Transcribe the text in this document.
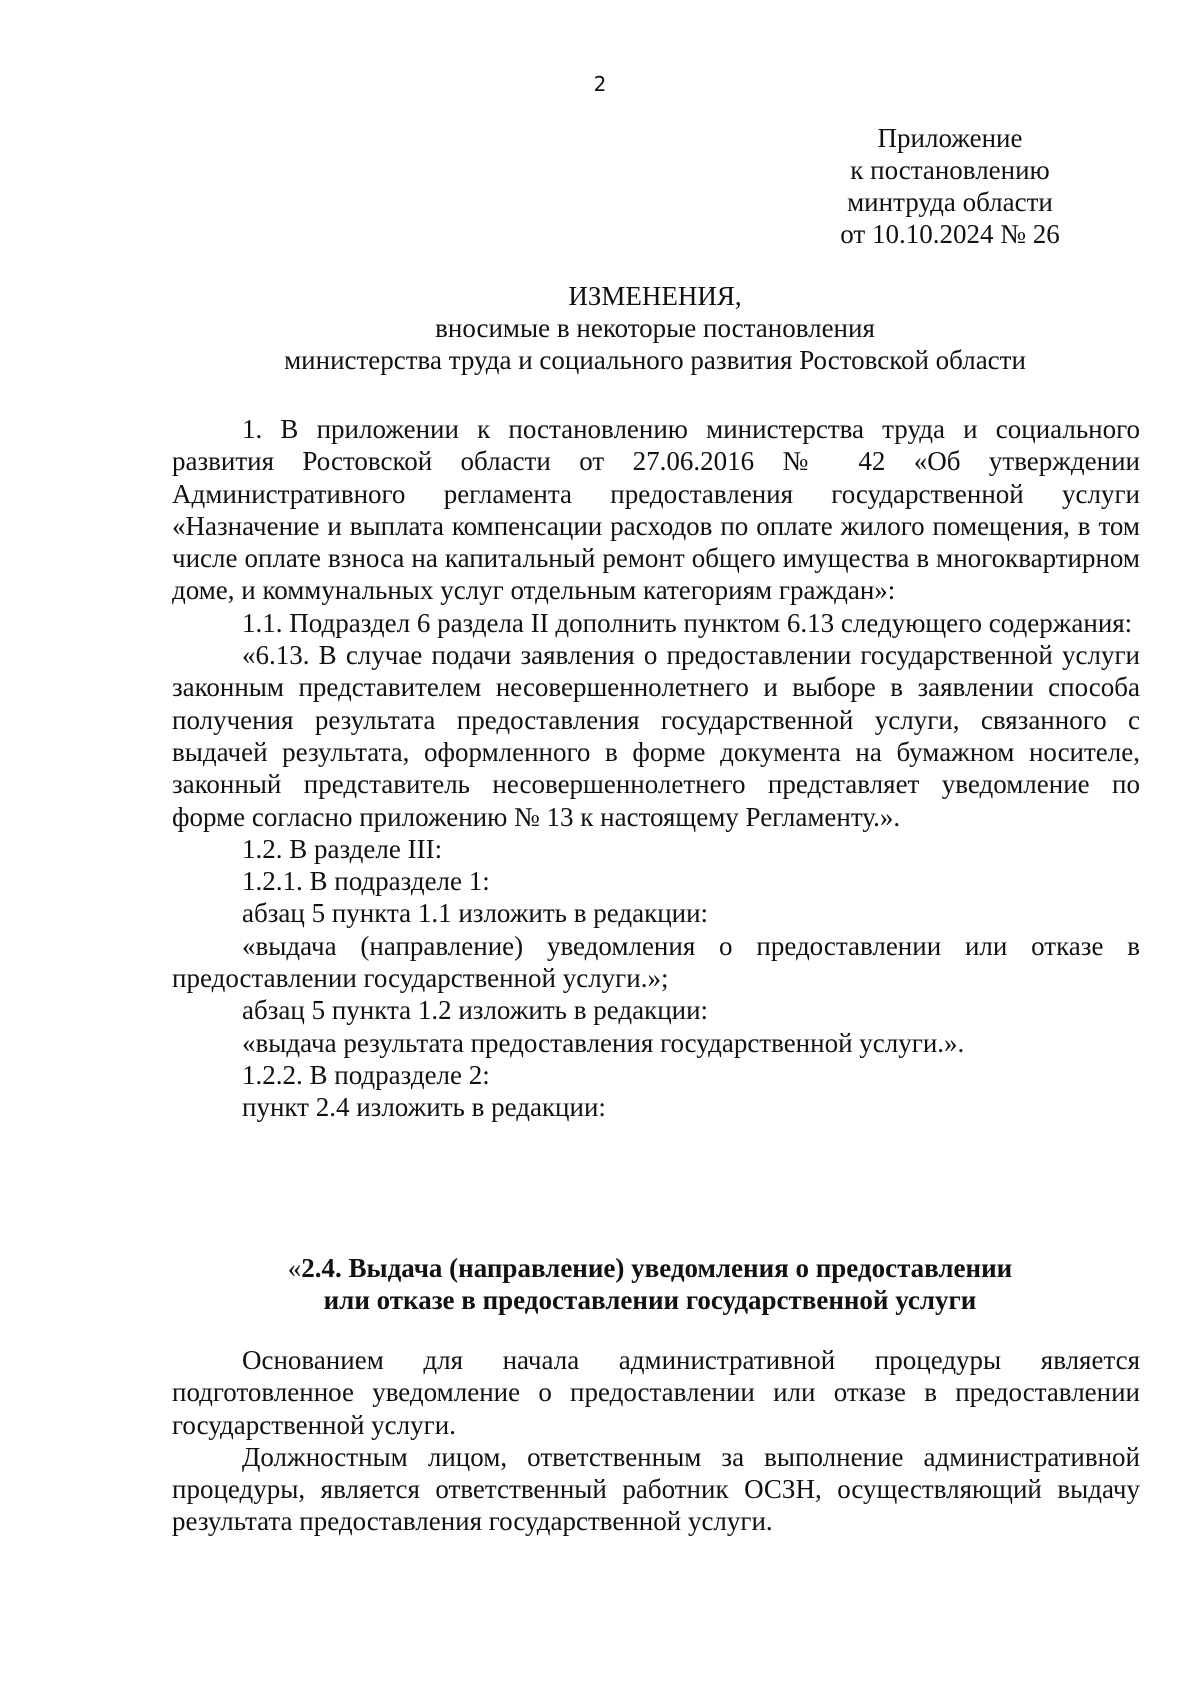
2
Приложение
к постановлению
минтруда области
от 10.10.2024 № 26
ИЗМЕНЕНИЯ,
вносимые в некоторые постановления
министерства труда и социального развития Ростовской области

1. В приложении к постановлению министерства труда и социального развития Ростовской области от 27.06.2016 № 42 «Об утверждении Административного регламента предоставления государственной услуги «Назначение и выплата компенсации расходов по оплате жилого помещения, в том числе оплате взноса на капитальный ремонт общего имущества в многоквартирном доме, и коммунальных услуг отдельным категориям граждан»:

1.1. Подраздел 6 раздела II дополнить пунктом 6.13 следующего содержания:

«6.13. В случае подачи заявления о предоставлении государственной услуги законным представителем несовершеннолетнего и выборе в заявлении способа получения результата предоставления государственной услуги, связанного с выдачей результата, оформленного в форме документа на бумажном носителе, законный представитель несовершеннолетнего представляет уведомление по форме согласно приложению № 13 к настоящему Регламенту.».

1.2. В разделе III:

1.2.1. В подразделе 1:

абзац 5 пункта 1.1 изложить в редакции:

«выдача (направление) уведомления о предоставлении или отказе в предоставлении государственной услуги.»;

абзац 5 пункта 1.2 изложить в редакции:

«выдача результата предоставления государственной услуги.».

1.2.2. В подразделе 2:

пункт 2.4 изложить в редакции:

«2.4. Выдача (направление) уведомления о предоставлении
или отказе в предоставлении государственной услуги

Основанием для начала административной процедуры является подготовленное уведомление о предоставлении или отказе в предоставлении государственной услуги.

Должностным лицом, ответственным за выполнение административной процедуры, является ответственный работник ОСЗН, осуществляющий выдачу результата предоставления государственной услуги.
